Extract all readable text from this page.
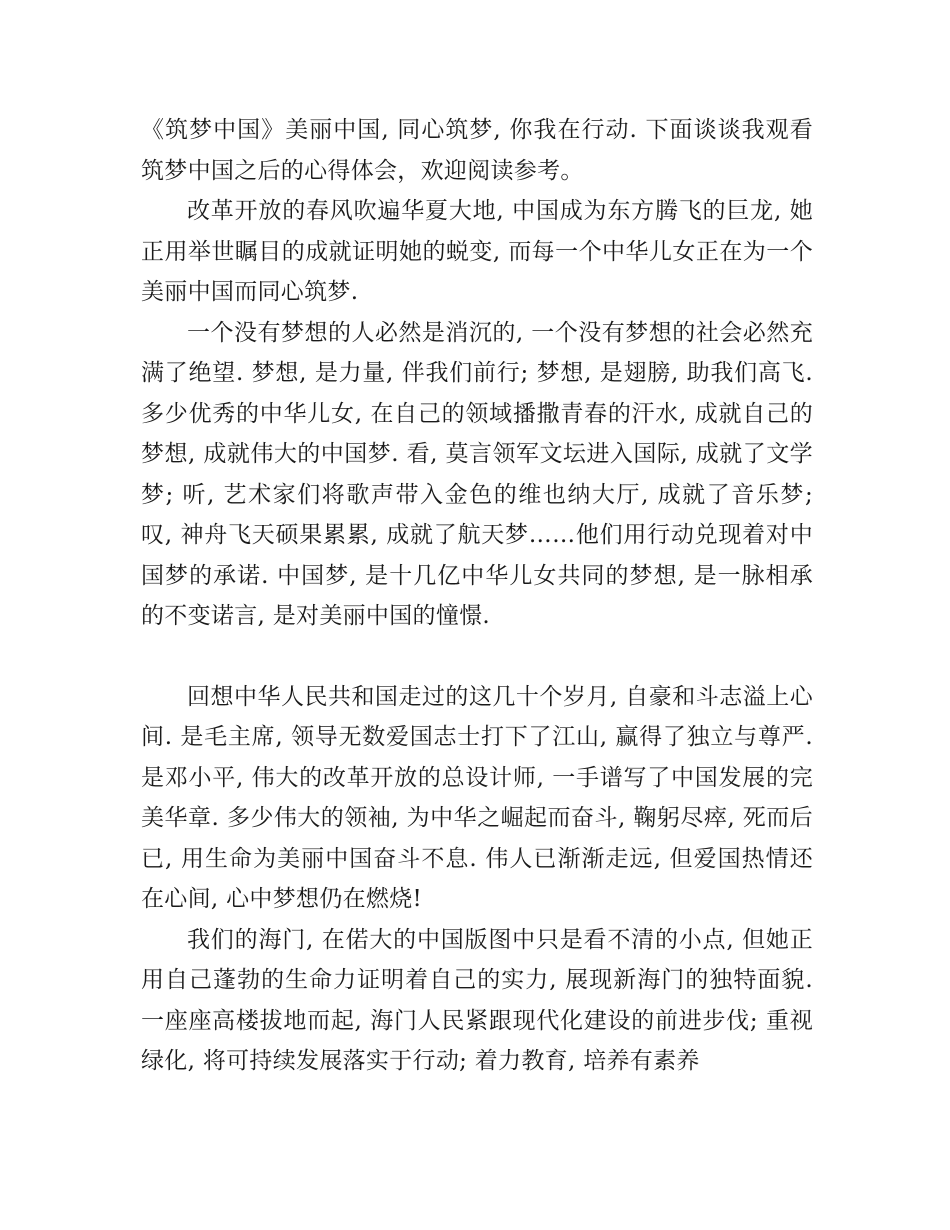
《筑梦中国》美丽中国, 同心筑梦, 你我在行动. 下面谈谈我观看筑梦中国之后的心得体会，欢迎阅读参考。

改革开放的春风吹遍华夏大地, 中国成为东方腾飞的巨龙, 她正用举世瞩目的成就证明她的蜕变, 而每一个中华儿女正在为一个美丽中国而同心筑梦.

一个没有梦想的人必然是消沉的, 一个没有梦想的社会必然充满了绝望. 梦想, 是力量, 伴我们前行; 梦想, 是翅膀, 助我们高飞. 多少优秀的中华儿女, 在自己的领域播撒青春的汗水, 成就自己的梦想, 成就伟大的中国梦. 看, 莫言领军文坛进入国际, 成就了文学梦; 听, 艺术家们将歌声带入金色的维也纳大厅, 成就了音乐梦; 叹, 神舟飞天硕果累累, 成就了航天梦……他们用行动兑现着对中国梦的承诺. 中国梦, 是十几亿中华儿女共同的梦想, 是一脉相承的不变诺言, 是对美丽中国的憧憬.

回想中华人民共和国走过的这几十个岁月, 自豪和斗志溢上心间. 是毛主席, 领导无数爱国志士打下了江山, 赢得了独立与尊严. 是邓小平, 伟大的改革开放的总设计师, 一手谱写了中国发展的完美华章. 多少伟大的领袖, 为中华之崛起而奋斗, 鞠躬尽瘁, 死而后已, 用生命为美丽中国奋斗不息. 伟人已渐渐走远, 但爱国热情还在心间, 心中梦想仍在燃烧!

我们的海门, 在偌大的中国版图中只是看不清的小点, 但她正用自己蓬勃的生命力证明着自己的实力, 展现新海门的独特面貌. 一座座高楼拔地而起, 海门人民紧跟现代化建设的前进步伐; 重视绿化, 将可持续发展落实于行动; 着力教育, 培养有素养
